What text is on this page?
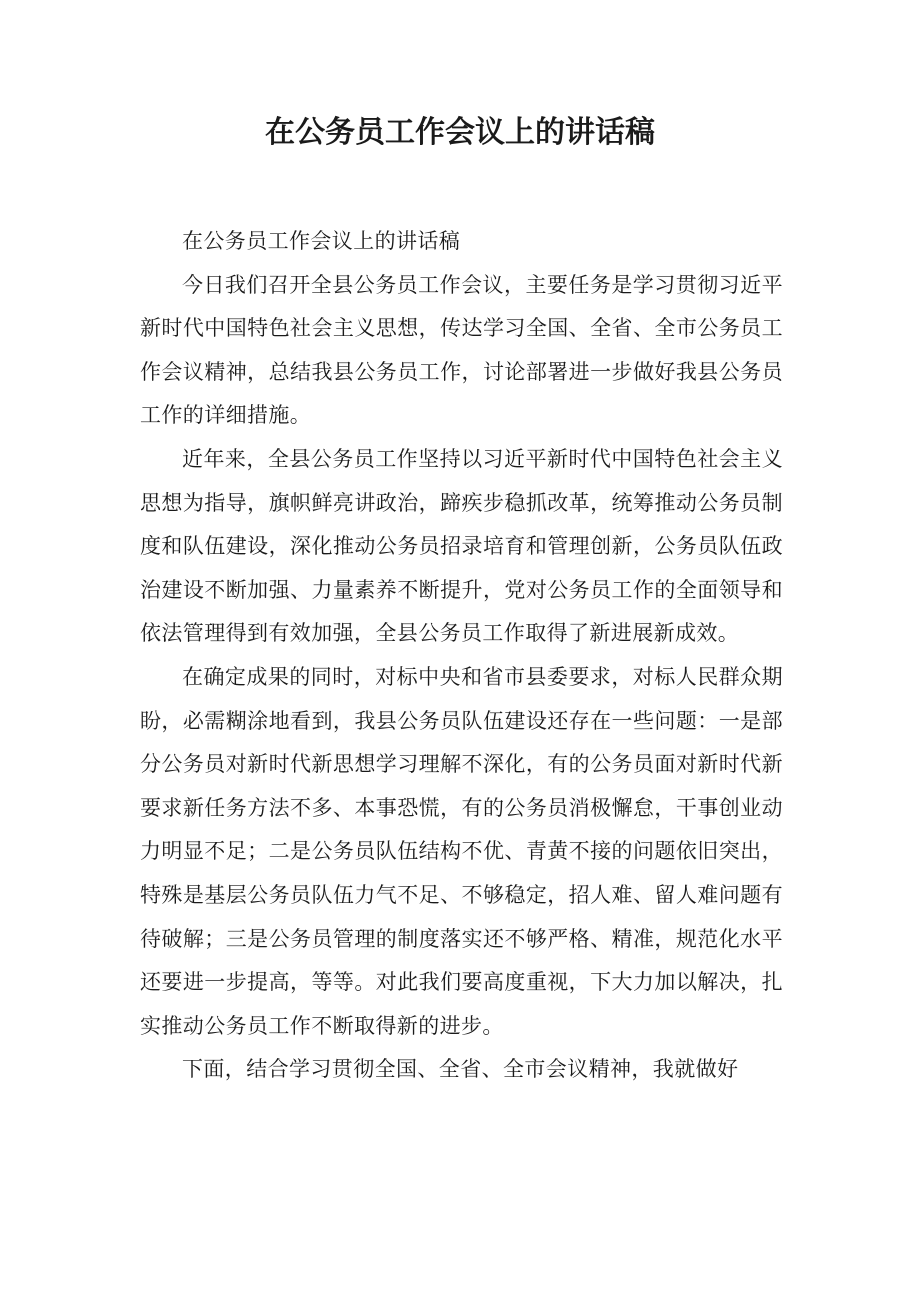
在公务员工作会议上的讲话稿

在公务员工作会议上的讲话稿

今日我们召开全县公务员工作会议，主要任务是学习贯彻习近平新时代中国特色社会主义思想，传达学习全国、全省、全市公务员工作会议精神，总结我县公务员工作，讨论部署进一步做好我县公务员工作的详细措施。

近年来，全县公务员工作坚持以习近平新时代中国特色社会主义思想为指导，旗帜鲜亮讲政治，蹄疾步稳抓改革，统筹推动公务员制度和队伍建设，深化推动公务员招录培育和管理创新，公务员队伍政治建设不断加强、力量素养不断提升，党对公务员工作的全面领导和依法管理得到有效加强，全县公务员工作取得了新进展新成效。

在确定成果的同时，对标中央和省市县委要求，对标人民群众期盼，必需糊涂地看到，我县公务员队伍建设还存在一些问题：一是部分公务员对新时代新思想学习理解不深化，有的公务员面对新时代新要求新任务方法不多、本事恐慌，有的公务员消极懈怠，干事创业动力明显不足；二是公务员队伍结构不优、青黄不接的问题依旧突出，特殊是基层公务员队伍力气不足、不够稳定，招人难、留人难问题有待破解；三是公务员管理的制度落实还不够严格、精准，规范化水平还要进一步提高，等等。对此我们要高度重视，下大力加以解决，扎实推动公务员工作不断取得新的进步。

下面，结合学习贯彻全国、全省、全市会议精神，我就做好
